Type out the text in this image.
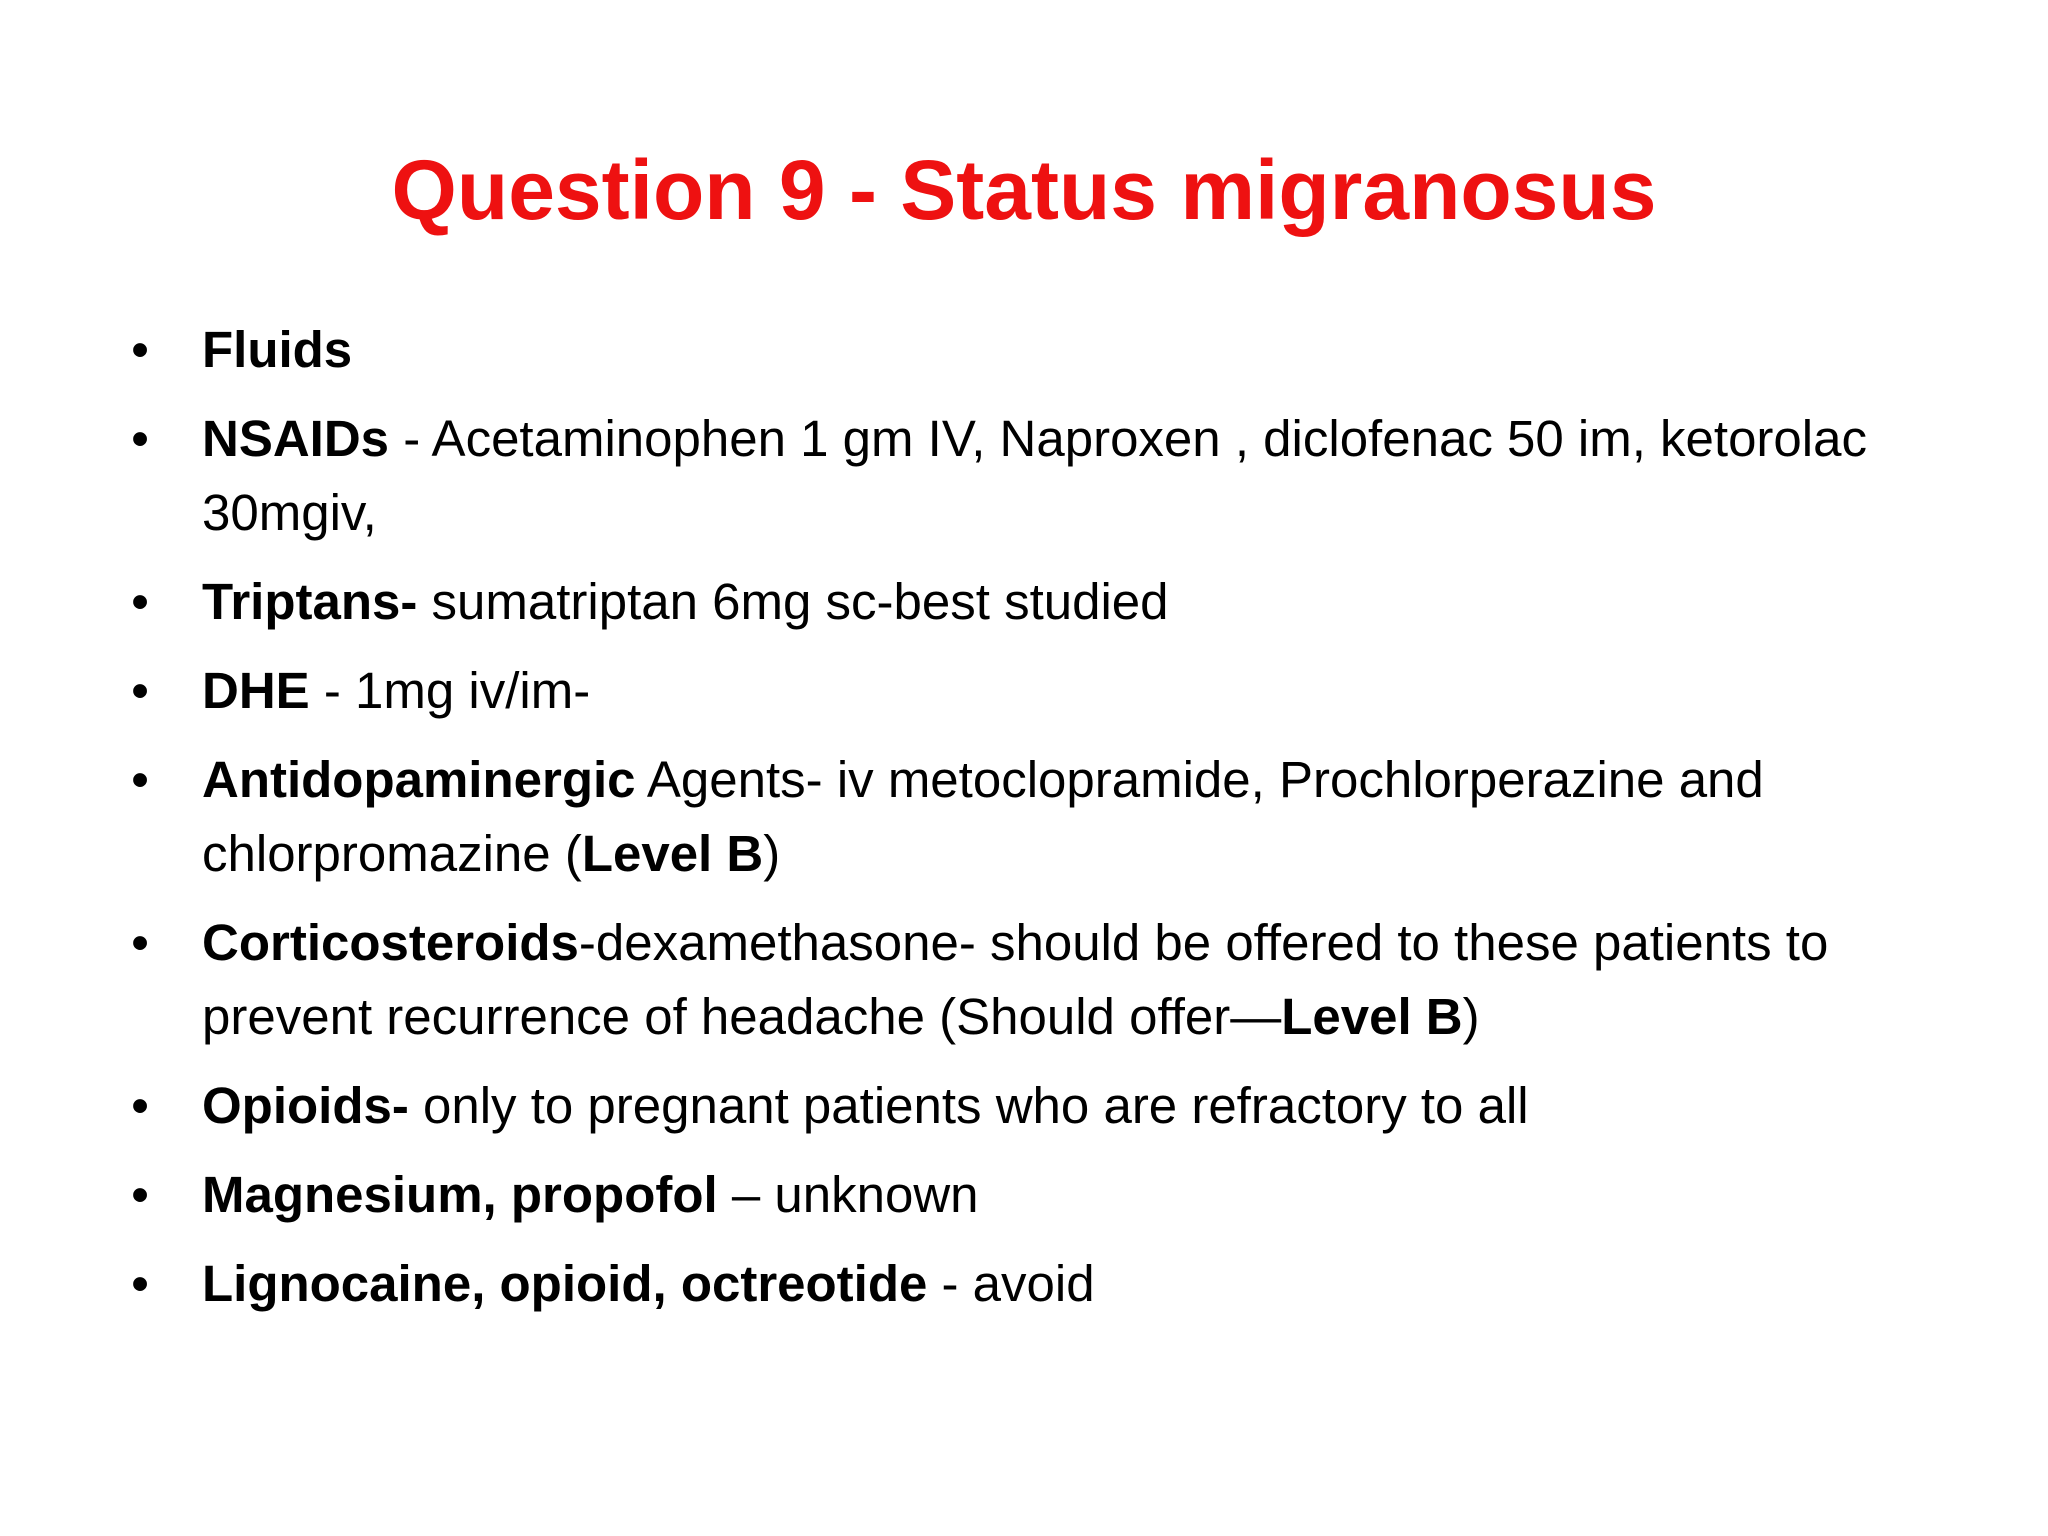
Question 9 - Status migranosus
• Fluids
• NSAIDs - Acetaminophen 1 gm IV, Naproxen , diclofenac 50 im, ketorolac 30mgiv,
• Triptans- sumatriptan 6mg sc-best studied
• DHE - 1mg iv/im-
• Antidopaminergic Agents- iv metoclopramide, Prochlorperazine and chlorpromazine (Level B)
• Corticosteroids-dexamethasone- should be offered to these patients to prevent recurrence of headache (Should offer—Level B)
• Opioids- only to pregnant patients who are refractory to all
• Magnesium, propofol – unknown
• Lignocaine, opioid, octreotide - avoid
